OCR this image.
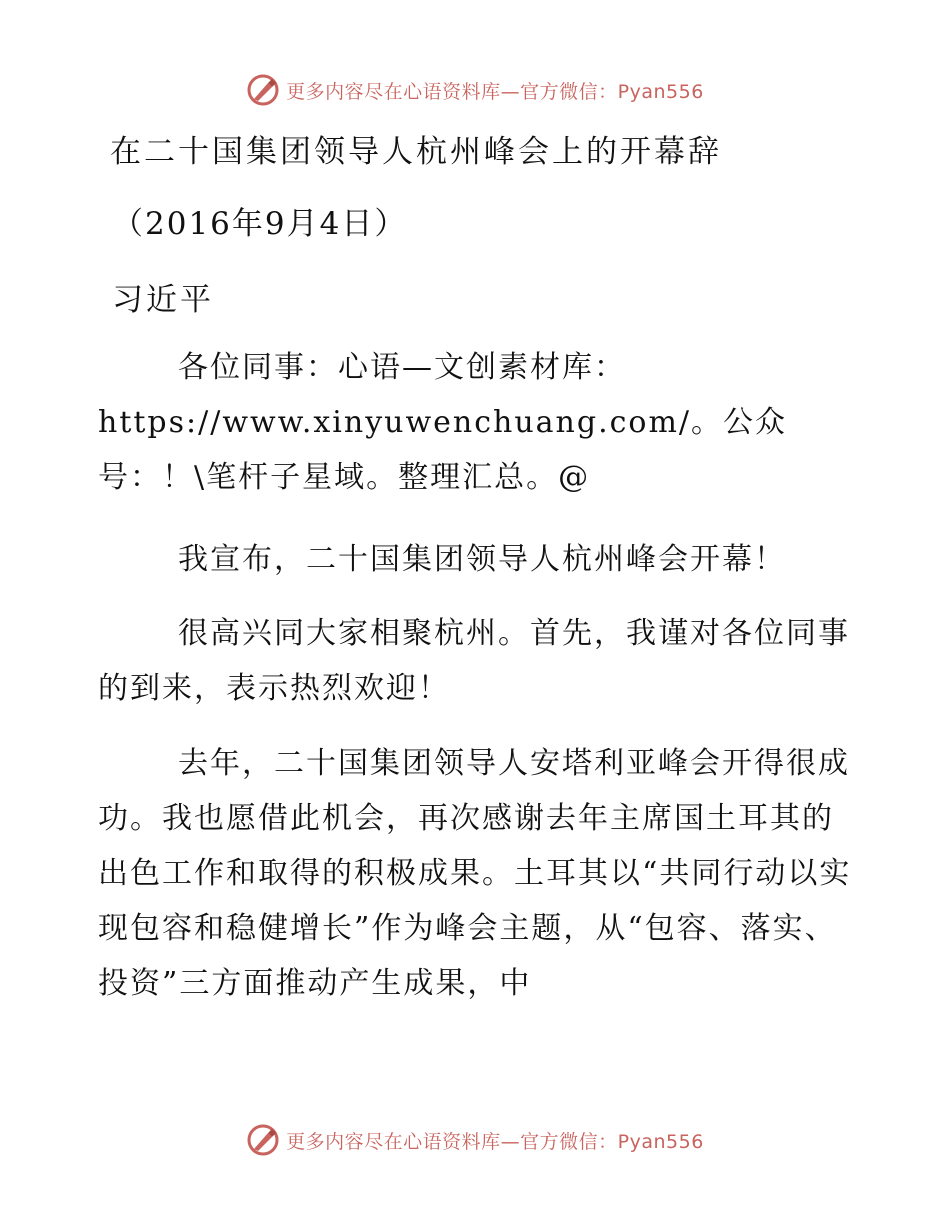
更多内容尽在心语资料库—官方微信：Pyan556
在二十国集团领导人杭州峰会上的开幕辞
（2016年9月4日）
习近平

各位同事：心语—文创素材库：https://www.xinyuwenchuang.com/。公众号：！\笔杆子星域。整理汇总。@

我宣布，二十国集团领导人杭州峰会开幕！

很高兴同大家相聚杭州。首先，我谨对各位同事的到来，表示热烈欢迎！

去年，二十国集团领导人安塔利亚峰会开得很成功。我也愿借此机会，再次感谢去年主席国土耳其的出色工作和取得的积极成果。土耳其以“共同行动以实现包容和稳健增长”作为峰会主题，从“包容、落实、投资”三方面推动产生成果，中

更多内容尽在心语资料库—官方微信：Pyan556
